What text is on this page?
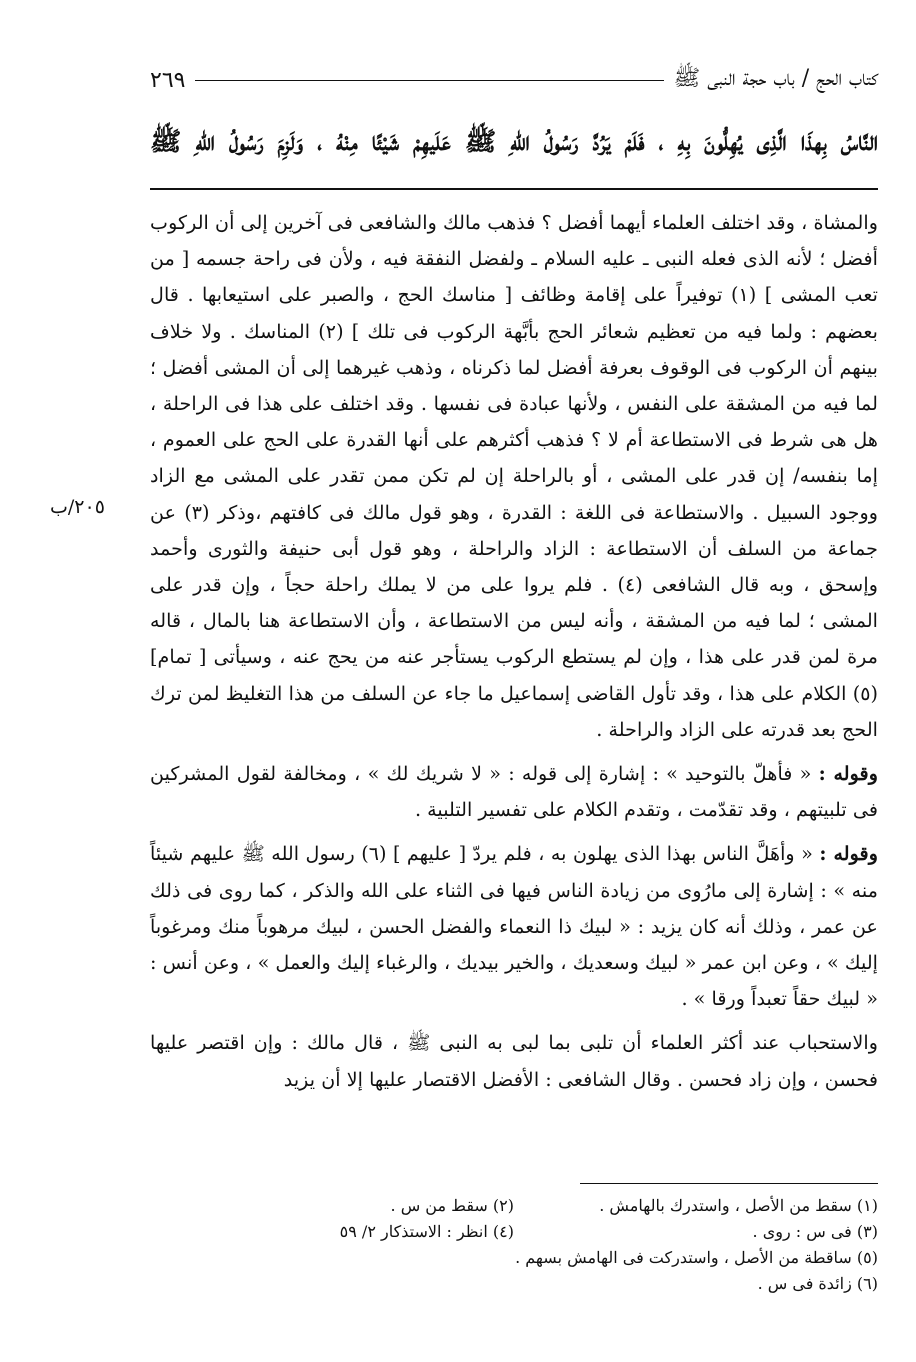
كتاب الحج / باب حجة النبى ﷺ
٢٦٩
النَّاسُ بِهذَا الَّذِى يُهِلُّونَ بِهِ ، فَلَمْ يَرُدَّ رَسُولُ اللهِ ﷺ عَلَيهِمْ شَيْئًا مِنْهُ ، وَلَزِمَ رَسُولُ اللهِ ﷺ

والمشاة ، وقد اختلف العلماء أيهما أفضل ؟ فذهب مالك والشافعى فى آخرين إلى أن الركوب أفضل ؛ لأنه الذى فعله النبى ـ عليه السلام ـ ولفضل النفقة فيه ، ولأن فى راحة جسمه [ من تعب المشى ] (١) توفيراً على إقامة وظائف [ مناسك الحج ، والصبر على استيعابها . قال بعضهم : ولما فيه من تعظيم شعائر الحج بأبَّهة الركوب فى تلك ] (٢) المناسك . ولا خلاف بينهم أن الركوب فى الوقوف بعرفة أفضل لما ذكرناه ، وذهب غيرهما إلى أن المشى أفضل ؛ لما فيه من المشقة على النفس ، ولأنها عبادة فى نفسها . وقد اختلف على هذا فى الراحلة ، هل هى شرط فى الاستطاعة أم لا ؟ فذهب أكثرهم على أنها القدرة على الحج على العموم ، إما بنفسه/ إن قدر على المشى ، أو بالراحلة إن لم تكن ممن تقدر على المشى مع الزاد ووجود السبيل . والاستطاعة فى اللغة : القدرة ، وهو قول مالك فى كافتهم ،وذكر (٣) عن جماعة من السلف أن الاستطاعة : الزاد والراحلة ، وهو قول أبى حنيفة والثورى وأحمد وإسحق ، وبه قال الشافعى (٤) . فلم يروا على من لا يملك راحلة حجاً ، وإن قدر على المشى ؛ لما فيه من المشقة ، وأنه ليس من الاستطاعة ، وأن الاستطاعة هنا بالمال ، قاله مرة لمن قدر على هذا ، وإن لم يستطع الركوب يستأجر عنه من يحج عنه ، وسيأتى [ تمام] (٥) الكلام على هذا ، وقد تأول القاضى إسماعيل ما جاء عن السلف من هذا التغليظ لمن ترك الحج بعد قدرته على الزاد والراحلة .

وقوله : « فأهلّ بالتوحيد » : إشارة إلى قوله : « لا شريك لك » ، ومخالفة لقول المشركين فى تلبيتهم ، وقد تقدّمت ، وتقدم الكلام على تفسير التلبية .

وقوله : « وأهَلَّ الناس بهذا الذى يهلون به ، فلم يردّ [ عليهم ] (٦) رسول الله ﷺ عليهم شيئاً منه » : إشارة إلى مارُوى من زيادة الناس فيها فى الثناء على الله والذكر ، كما روى فى ذلك عن عمر ، وذلك أنه كان يزيد : « لبيك ذا النعماء والفضل الحسن ، لبيك مرهوباً منك ومرغوباً إليك » ، وعن ابن عمر « لبيك وسعديك ، والخير بيديك ، والرغباء إليك والعمل » ، وعن أنس : « لبيك حقاً تعبداً ورقا » .

والاستحباب عند أكثر العلماء أن تلبى بما لبى به النبى ﷺ ، قال مالك : وإن اقتصر عليها فحسن ، وإن زاد فحسن . وقال الشافعى : الأفضل الاقتصار عليها إلا أن يزيد

٢٠٥/ب
(١) سقط من الأصل ، واستدرك بالهامش .
(٢) سقط من س .
(٣) فى س : روى .
(٤) انظر : الاستذكار ٢/ ٥٩
(٥) ساقطة من الأصل ، واستدركت فى الهامش بسهم .
(٦) زائدة فى س .
